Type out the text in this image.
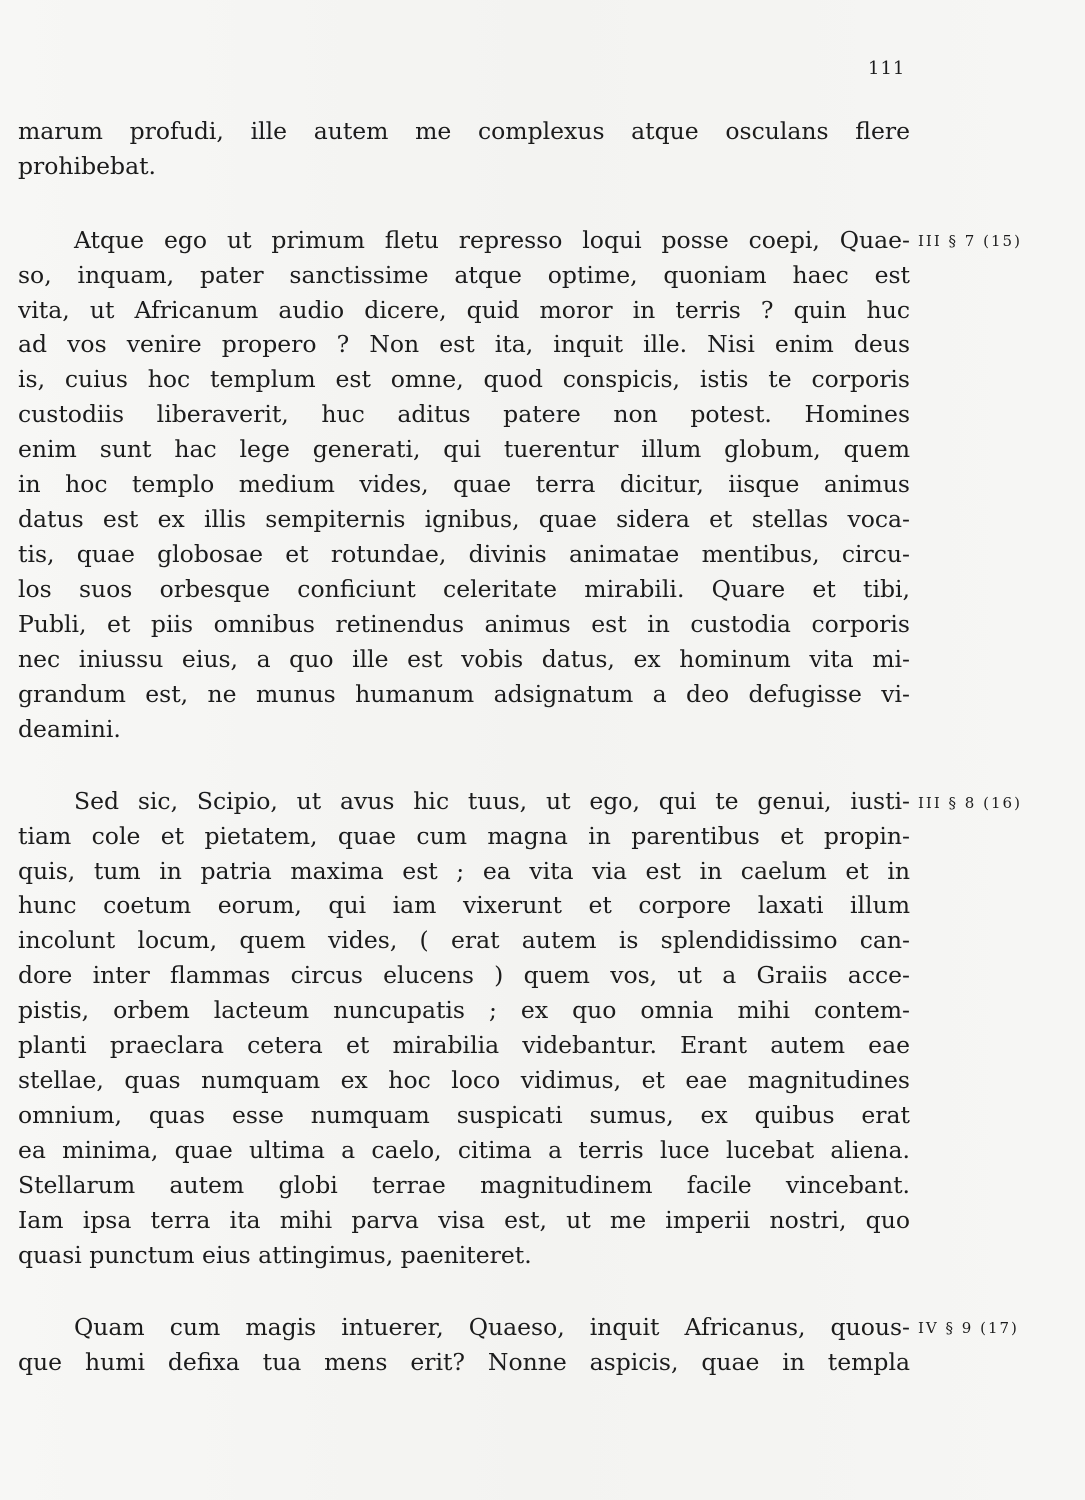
111
marum profudi, ille autem me complexus atque osculans flere
prohibebat.
Atque ego ut primum fletu represso loqui posse coepi, Quae-
so, inquam, pater sanctissime atque optime, quoniam haec est
vita, ut Africanum audio dicere, quid moror in terris ? quin huc
ad vos venire propero ? Non est ita, inquit ille. Nisi enim deus
is, cuius hoc templum est omne, quod conspicis, istis te corporis
custodiis liberaverit, huc aditus patere non potest. Homines
enim sunt hac lege generati, qui tuerentur illum globum, quem
in hoc templo medium vides, quae terra dicitur, iisque animus
datus est ex illis sempiternis ignibus, quae sidera et stellas voca-
tis, quae globosae et rotundae, divinis animatae mentibus, circu-
los suos orbesque conficiunt celeritate mirabili. Quare et tibi,
Publi, et piis omnibus retinendus animus est in custodia corporis
nec iniussu eius, a quo ille est vobis datus, ex hominum vita mi-
grandum est, ne munus humanum adsignatum a deo defugisse vi-
deamini.
Sed sic, Scipio, ut avus hic tuus, ut ego, qui te genui, iusti-
tiam cole et pietatem, quae cum magna in parentibus et propin-
quis, tum in patria maxima est ; ea vita via est in caelum et in
hunc coetum eorum, qui iam vixerunt et corpore laxati illum
incolunt locum, quem vides, ( erat autem is splendidissimo can-
dore inter flammas circus elucens ) quem vos, ut a Graiis acce-
pistis, orbem lacteum nuncupatis ; ex quo omnia mihi contem-
planti praeclara cetera et mirabilia videbantur. Erant autem eae
stellae, quas numquam ex hoc loco vidimus, et eae magnitudines
omnium, quas esse numquam suspicati sumus, ex quibus erat
ea minima, quae ultima a caelo, citima a terris luce lucebat aliena.
Stellarum autem globi terrae magnitudinem facile vincebant.
Iam ipsa terra ita mihi parva visa est, ut me imperii nostri, quo
quasi punctum eius attingimus, paeniteret.
Quam cum magis intuerer, Quaeso, inquit Africanus, quous-
que humi defixa tua mens erit? Nonne aspicis, quae in templa
III § 7 (15)
III § 8 (16)
IV § 9 (17)
